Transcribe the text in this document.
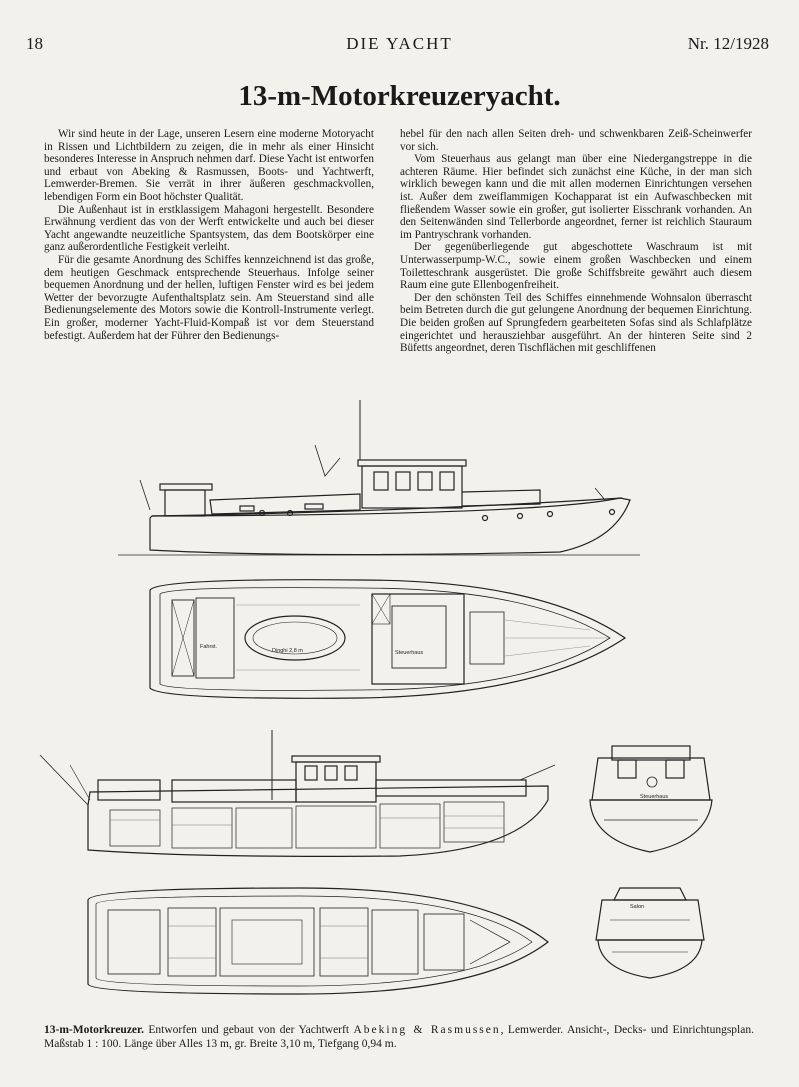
18	DIE YACHT	Nr. 12/1928
13-m-Motorkreuzeryacht.

Wir sind heute in der Lage, unseren Lesern eine moderne Motoryacht in Rissen und Lichtbildern zu zeigen, die in mehr als einer Hinsicht besonderes Interesse in Anspruch nehmen darf. Diese Yacht ist entworfen und erbaut von Abeking & Rasmussen, Boots- und Yachtwerft, Lemwerder-Bremen. Sie verrät in ihrer äußeren geschmackvollen, lebendigen Form ein Boot höchster Qualität.

Die Außenhaut ist in erstklassigem Mahagoni hergestellt. Besondere Erwähnung verdient das von der Werft entwickelte und auch bei dieser Yacht angewandte neuzeitliche Spantsystem, das dem Bootskörper eine ganz außerordentliche Festigkeit verleiht.

Für die gesamte Anordnung des Schiffes kennzeichnend ist das große, dem heutigen Geschmack entsprechende Steuerhaus. Infolge seiner bequemen Anordnung und der hellen, luftigen Fenster wird es bei jedem Wetter der bevorzugte Aufenthaltsplatz sein. Am Steuerstand sind alle Bedienungselemente des Motors sowie die Kontroll-Instrumente verlegt. Ein großer, moderner Yacht-Fluid-Kompaß ist vor dem Steuerstand befestigt. Außerdem hat der Führer den Bedienungs-

hebel für den nach allen Seiten dreh- und schwenkbaren Zeiß-Scheinwerfer vor sich.

Vom Steuerhaus aus gelangt man über eine Niedergangstreppe in die achteren Räume. Hier befindet sich zunächst eine Küche, in der man sich wirklich bewegen kann und die mit allen modernen Einrichtungen versehen ist. Außer dem zweiflammigen Kochapparat ist ein Aufwaschbecken mit fließendem Wasser sowie ein großer, gut isolierter Eisschrank vorhanden. An den Seitenwänden sind Tellerborde angeordnet, ferner ist reichlich Stauraum im Pantryschrank vorhanden.

Der gegenüberliegende gut abgeschottete Waschraum ist mit Unterwasserpump-W.C., sowie einem großen Waschbecken und einem Toiletteschrank ausgerüstet. Die große Schiffsbreite gewährt auch diesem Raum eine gute Ellenbogenfreiheit.

Der den schönsten Teil des Schiffes einnehmende Wohnsalon überrascht beim Betreten durch die gut gelungene Anordnung der bequemen Einrichtung. Die beiden großen auf Sprungfedern gearbeiteten Sofas sind als Schlafplätze eingerichtet und herausziehbar ausgeführt. An der hinteren Seite sind 2 Büfetts angeordnet, deren Tischflächen mit geschliffenen

Fahrst.
Dinghi 2,8 m	Steuerhaus
Steuerhaus
Salon
13-m-Motorkreuzer. Entworfen und gebaut von der Yachtwerft Abeking & Rasmussen, Lemwerder. Ansicht-, Decks- und Einrichtungsplan. Maßstab 1 : 100. Länge über Alles 13 m, gr. Breite 3,10 m, Tiefgang 0,94 m.
